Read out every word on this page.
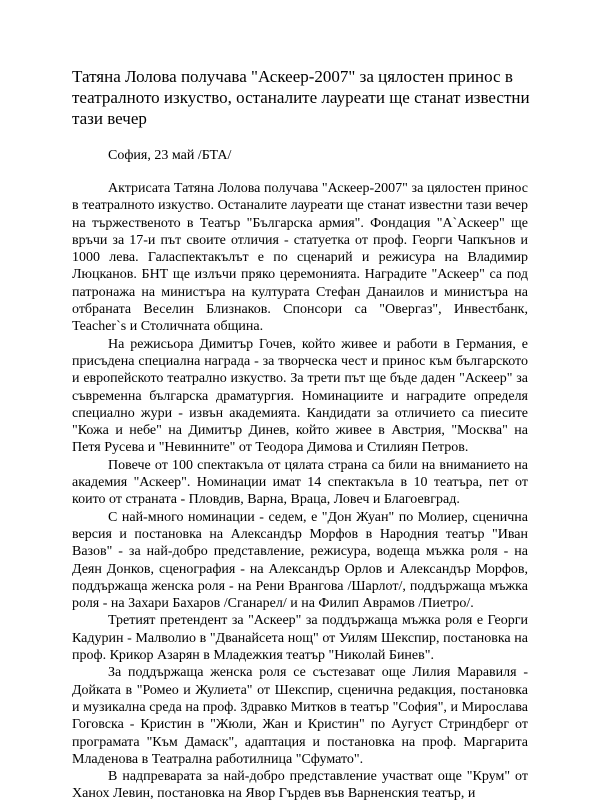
Татяна Лолова получава "Аскеер-2007" за цялостен принос в театралното изкуство, останалите лауреати ще станат известни тази вечер

София, 23 май /БТА/

Актрисата Татяна Лолова получава "Аскеер-2007" за цялостен принос в театралното изкуство. Останалите лауреати ще станат известни тази вечер на тържественото в Театър "Българска армия". Фондация "А`Аскеер" ще връчи за 17-и път своите отличия - статуетка от проф. Георги Чапкънов и 1000 лева. Галаспектакълът е по сценарий и режисура на Владимир Люцканов. БНТ ще излъчи пряко церемонията. Наградите "Аскеер" са под патронажа на министъра на културата Стефан Данаилов и министъра на отбраната Веселин Близнаков. Спонсори са "Овергаз", Инвестбанк, Teacher`s и Столичната община.

На режисьора Димитър Гочев, който живее и работи в Германия, е присъдена специална награда - за творческа чест и принос към българското и европейското театрално изкуство. За трети път ще бъде даден "Аскеер" за съвременна българска драматургия. Номинациите и наградите определя специално жури - извън академията. Кандидати за отличието са пиесите "Кожа и небе" на Димитър Динев, който живее в Австрия, "Москва" на Петя Русева и "Невинните" от Теодора Димова и Стилиян Петров.

Повече от 100 спектакъла от цялата страна са били на вниманието на академия "Аскеер". Номинации имат 14 спектакъла в 10 театъра, пет от които от страната - Пловдив, Варна, Враца, Ловеч и Благоевград.

С най-много номинации - седем, е "Дон Жуан" по Молиер, сценична версия и постановка на Александър Морфов в Народния театър "Иван Вазов" - за най-добро представление, режисура, водеща мъжка роля - на Деян Донков, сценография - на Александър Орлов и Александър Морфов, поддържаща женска роля - на Рени Врангова /Шарлот/, поддържаща мъжка роля - на Захари Бахаров /Сганарел/ и на Филип Аврамов /Пиетро/.

Третият претендент за "Аскеер" за поддържаща мъжка роля е Георги Кадурин - Малволио в "Дванайсета нощ" от Уилям Шекспир, постановка на проф. Крикор Азарян в Младежкия театър "Николай Бинев".

За поддържаща женска роля се състезават още Лилия Маравиля - Дойката в "Ромео и Жулиета" от Шекспир, сценична редакция, постановка и музикална среда на проф. Здравко Митков в театър "София", и Мирослава Гоговска - Кристин в "Жюли, Жан и Кристин" по Аугуст Стриндберг от програмата "Към Дамаск", адаптация и постановка на проф. Маргарита Младенова в Театрална работилница "Сфумато".

В надпреварата за най-добро представление участват още "Крум" от Ханох Левин, постановка на Явор Гърдев във Варненския театър, и
